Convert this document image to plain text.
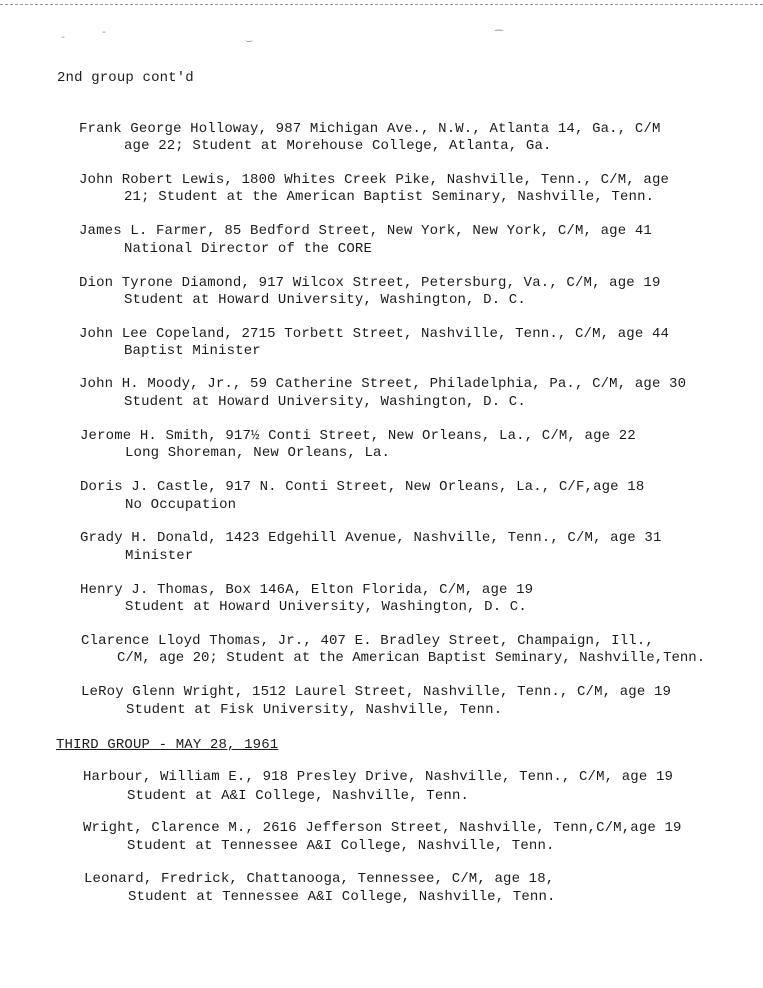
-	-	‿	⁀
2nd group cont'd
Frank George Holloway, 987 Michigan Ave., N.W., Atlanta 14, Ga., C/M
age 22; Student at Morehouse College, Atlanta, Ga.
John Robert Lewis, 1800 Whites Creek Pike, Nashville, Tenn., C/M, age
21; Student at the American Baptist Seminary, Nashville, Tenn.
James L. Farmer, 85 Bedford Street, New York, New York, C/M, age 41
National Director of the CORE
Dion Tyrone Diamond, 917 Wilcox Street, Petersburg, Va., C/M, age 19
Student at Howard University, Washington, D. C.
John Lee Copeland, 2715 Torbett Street, Nashville, Tenn., C/M, age 44
Baptist Minister
John H. Moody, Jr., 59 Catherine Street, Philadelphia, Pa., C/M, age 30
Student at Howard University, Washington, D. C.
Jerome H. Smith, 917½ Conti Street, New Orleans, La., C/M, age 22
Long Shoreman, New Orleans, La.
Doris J. Castle, 917 N. Conti Street, New Orleans, La., C/F,age 18
No Occupation
Grady H. Donald, 1423 Edgehill Avenue, Nashville, Tenn., C/M, age 31
Minister
Henry J. Thomas, Box 146A, Elton Florida, C/M, age 19
Student at Howard University, Washington, D. C.
Clarence Lloyd Thomas, Jr., 407 E. Bradley Street, Champaign, Ill.,
C/M, age 20; Student at the American Baptist Seminary, Nashville,Tenn.
LeRoy Glenn Wright, 1512 Laurel Street, Nashville, Tenn., C/M, age 19
Student at Fisk University, Nashville, Tenn.
THIRD GROUP - MAY 28, 1961
Harbour, William E., 918 Presley Drive, Nashville, Tenn., C/M, age 19
Student at A&I College, Nashville, Tenn.
Wright, Clarence M., 2616 Jefferson Street, Nashville, Tenn,C/M,age 19
Student at Tennessee A&I College, Nashville, Tenn.
Leonard, Fredrick, Chattanooga, Tennessee, C/M, age 18,
Student at Tennessee A&I College, Nashville, Tenn.
